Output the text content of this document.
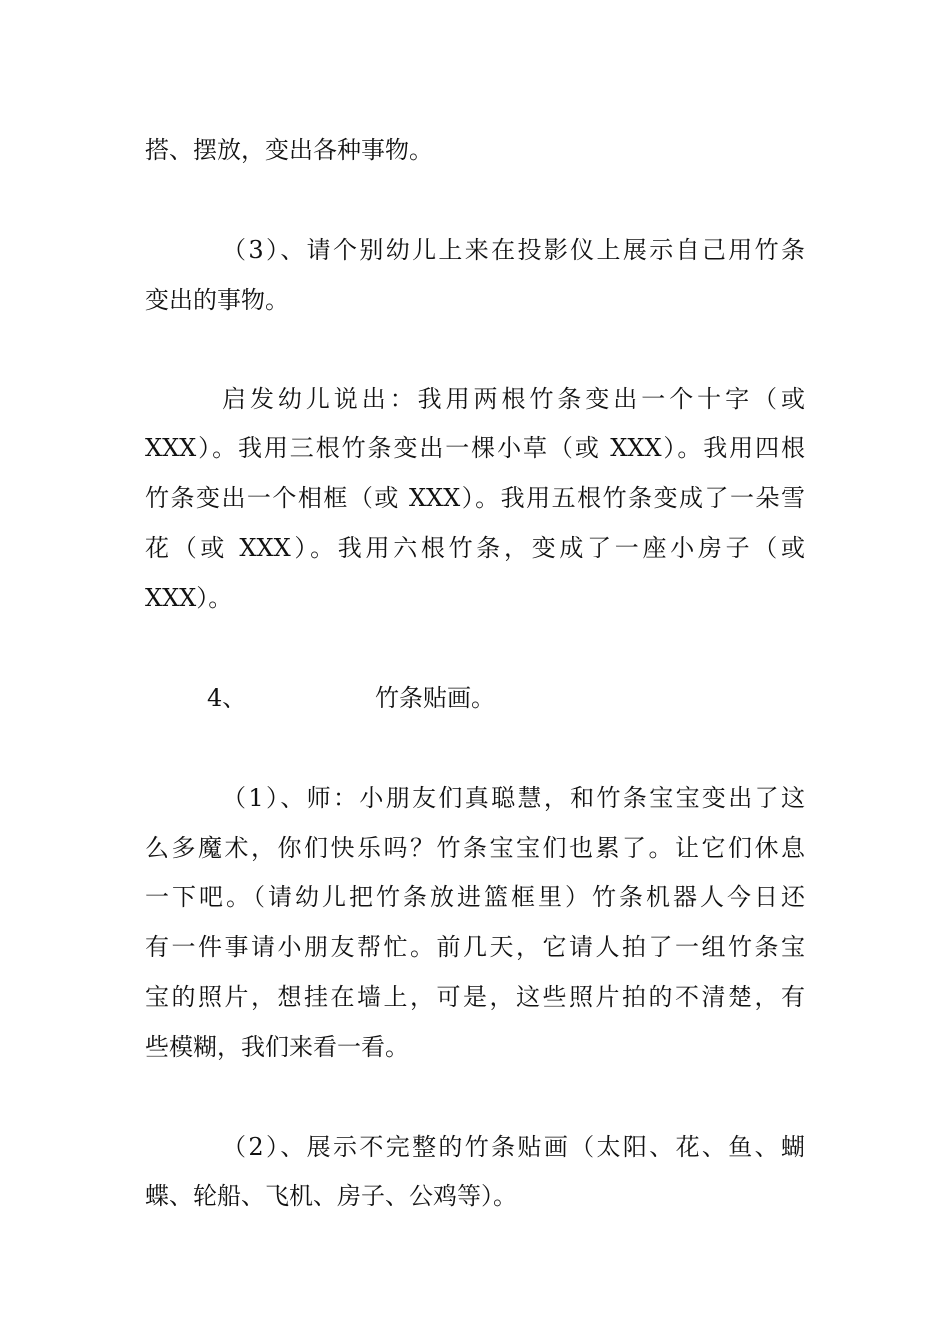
搭、摆放，变出各种事物。
（3）、请个别幼儿上来在投影仪上展示自己用竹条
变出的事物。
启发幼儿说出：我用两根竹条变出一个十字（或
XXX）。我用三根竹条变出一棵小草（或 XXX）。我用四根
竹条变出一个相框（或 XXX）。我用五根竹条变成了一朵雪
花（或 XXX）。我用六根竹条，变成了一座小房子（或
XXX）。
4、	竹条贴画。
（1）、师：小朋友们真聪慧，和竹条宝宝变出了这
么多魔术，你们快乐吗？竹条宝宝们也累了。让它们休息
一下吧。（请幼儿把竹条放进篮框里）竹条机器人今日还
有一件事请小朋友帮忙。前几天，它请人拍了一组竹条宝
宝的照片，想挂在墙上，可是，这些照片拍的不清楚，有
些模糊，我们来看一看。
（2）、展示不完整的竹条贴画（太阳、花、鱼、蝴
蝶、轮船、飞机、房子、公鸡等）。
